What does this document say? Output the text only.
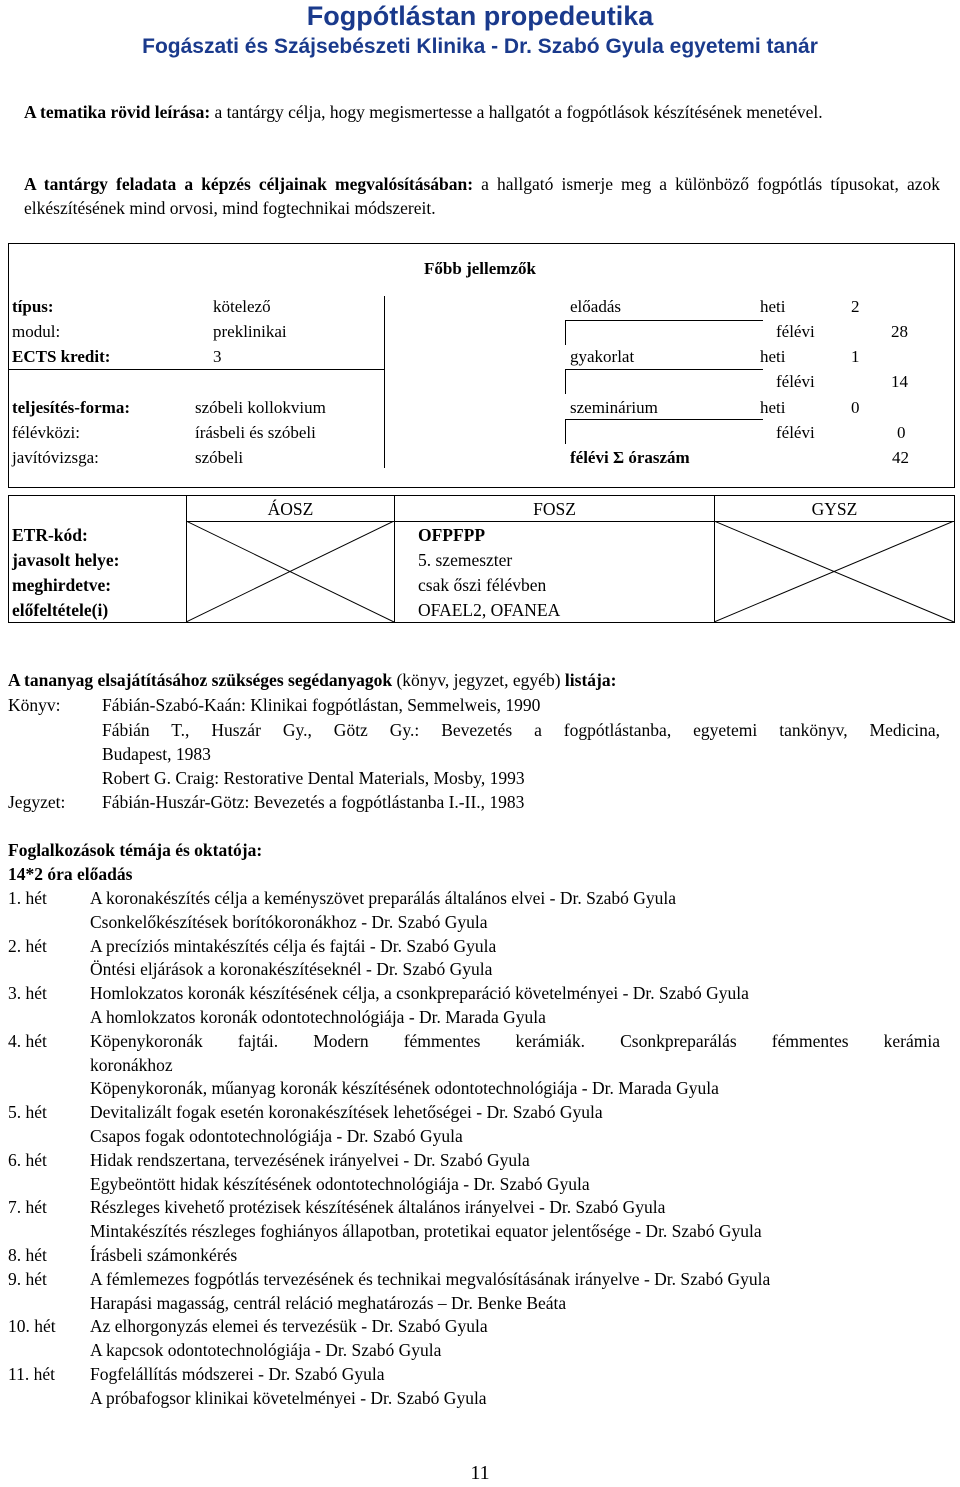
Fogpótlástan propedeutika
Fogászati és Szájsebészeti Klinika - Dr. Szabó Gyula egyetemi tanár
A tematika rövid leírása: a tantárgy célja, hogy megismertesse a hallgatót a fogpótlások készítésének menetével.
A tantárgy feladata a képzés céljainak megvalósításában: a hallgató ismerje meg a különböző fogpótlás típusokat, azok elkészítésének mind orvosi, mind fogtechnikai módszereit.
Főbb jellemzők
típus:	kötelező
modul:	preklinikai
ECTS kredit:	3
teljesítés-forma:	szóbeli kollokvium
félévközi:	írásbeli és szóbeli
javítóvizsga:	szóbeli
előadás	heti	2
félévi	28
gyakorlat	heti	1
félévi	14
szeminárium	heti	0
félévi	0
félévi Σ óraszám	42
ÁOSZ	FOSZ	GYSZ
ETR-kód:	OFPFPP
javasolt helye:	5. szemeszter
meghirdetve:	csak őszi félévben
előfeltétele(i)	OFAEL2, OFANEA
A tananyag elsajátításához szükséges segédanyagok (könyv, jegyzet, egyéb) listája:
Könyv: Fábián-Szabó-Kaán: Klinikai fogpótlástan, Semmelweis, 1990
Fábián T., Huszár Gy., Götz Gy.: Bevezetés a fogpótlástanba, egyetemi tankönyv, Medicina,
Budapest, 1983
Robert G. Craig: Restorative Dental Materials, Mosby, 1993
Jegyzet: Fábián-Huszár-Götz: Bevezetés a fogpótlástanba I.-II., 1983
Foglalkozások témája és oktatója:
14*2 óra előadás
1. hét A koronakészítés célja a keményszövet preparálás általános elvei - Dr. Szabó Gyula
Csonkelőkészítések borítókoronákhoz - Dr. Szabó Gyula
2. hét A precíziós mintakészítés célja és fajtái - Dr. Szabó Gyula
Öntési eljárások a koronakészítéseknél - Dr. Szabó Gyula
3. hét Homlokzatos koronák készítésének célja, a csonkpreparáció követelményei - Dr. Szabó Gyula
A homlokzatos koronák odontotechnológiája - Dr. Marada Gyula
4. hét Köpenykoronák fajtái. Modern fémmentes kerámiák. Csonkpreparálás fémmentes kerámia
koronákhoz
Köpenykoronák, műanyag koronák készítésének odontotechnológiája - Dr. Marada Gyula
5. hét Devitalizált fogak esetén koronakészítések lehetőségei - Dr. Szabó Gyula
Csapos fogak odontotechnológiája - Dr. Szabó Gyula
6. hét Hidak rendszertana, tervezésének irányelvei - Dr. Szabó Gyula
Egybeöntött hidak készítésének odontotechnológiája - Dr. Szabó Gyula
7. hét Részleges kivehető protézisek készítésének általános irányelvei - Dr. Szabó Gyula
Mintakészítés részleges foghiányos állapotban, protetikai equator jelentősége - Dr. Szabó Gyula
8. hét Írásbeli számonkérés
9. hét A fémlemezes fogpótlás tervezésének és technikai megvalósításának irányelve - Dr. Szabó Gyula
Harapási magasság, centrál reláció meghatározás – Dr. Benke Beáta
10. hét Az elhorgonyzás elemei és tervezésük - Dr. Szabó Gyula
A kapcsok odontotechnológiája - Dr. Szabó Gyula
11. hét Fogfelállítás módszerei - Dr. Szabó Gyula
A próbafogsor klinikai követelményei - Dr. Szabó Gyula
11
